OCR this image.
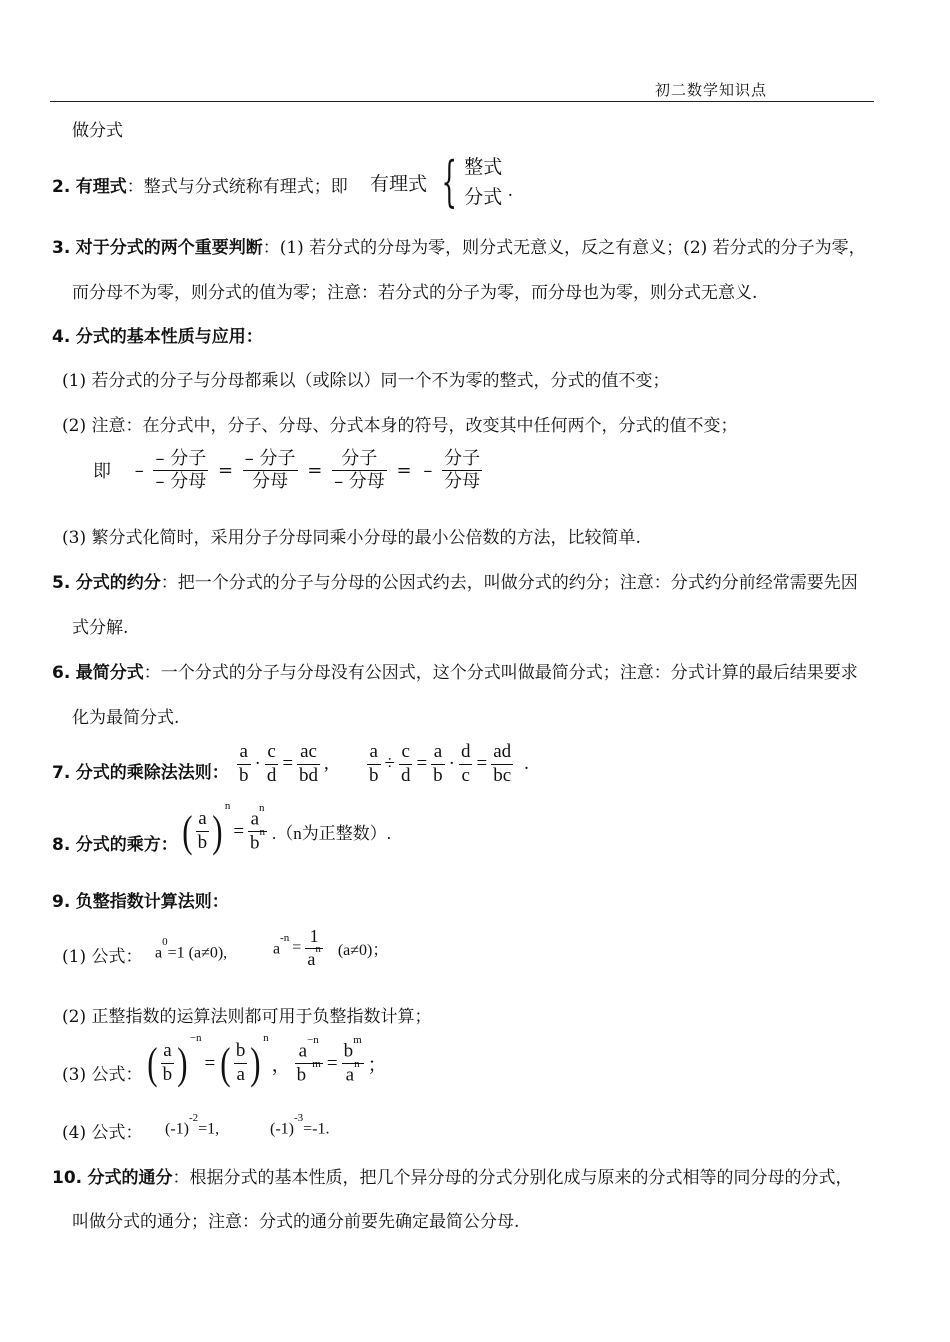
初二数学知识点
做分式
2. 有理式：整式与分式统称有理式；即 有理式 { 整式
分式 .
3. 对于分式的两个重要判断：(1) 若分式的分母为零，则分式无意义，反之有意义；(2) 若分式的分子为零，
而分母不为零，则分式的值为零；注意：若分式的分子为零，而分母也为零，则分式无意义.
4. 分式的基本性质与应用：
(1) 若分式的分子与分母都乘以（或除以）同一个不为零的整式，分式的值不变；
(2) 注意：在分式中，分子、分母、分式本身的符号，改变其中任何两个，分式的值不变；
即 – $\frac{\text{– 分子}}{\text{– 分母}} = \frac{\text{– 分子}}{\text{分母}} = \frac{\text{分子}}{\text{– 分母}}$ = – $\frac{\text{分子}}{\text{分母}}$
(3) 繁分式化简时，采用分子分母同乘小分母的最小公倍数的方法，比较简单.
5. 分式的约分：把一个分式的分子与分母的公因式约去，叫做分式的约分；注意：分式约分前经常需要先因
式分解.
6. 最简分式：一个分式的分子与分母没有公因式，这个分式叫做最简分式；注意：分式计算的最后结果要求
化为最简分式.
7. 分式的乘除法法则： $\frac{a}{b} \cdot \frac{c}{d} = \frac{ac}{bd}$ , $\frac{a}{b} \div \frac{c}{d} = \frac{a}{b} \cdot \frac{d}{c} = \frac{ad}{bc}$ .
8. 分式的乘方： ( $\frac{a}{b} )^n= \frac{a^n}{b^n} .(n$为正整数）.
9. 负整指数计算法则：
(1) 公式： $a^0=1$ (a≠0),	$a^{-n}= \frac{1}{a^n} (a\ne 0)$；
(2) 正整指数的运算法则都可用于负整指数计算；
(3) 公式： ( $\frac{a}{b} )^{-n}=$ ( $\frac{b}{a} )^n$， $\frac{a^{-n}}{b^{-m}} = \frac{b^m}{a^n}$ ；
(4) 公式： $(-1)^{-2}=1$,	$(-1)^{-3}=-1$.
10. 分式的通分：根据分式的基本性质，把几个异分母的分式分别化成与原来的分式相等的同分母的分式，
叫做分式的通分；注意：分式的通分前要先确定最简公分母.
